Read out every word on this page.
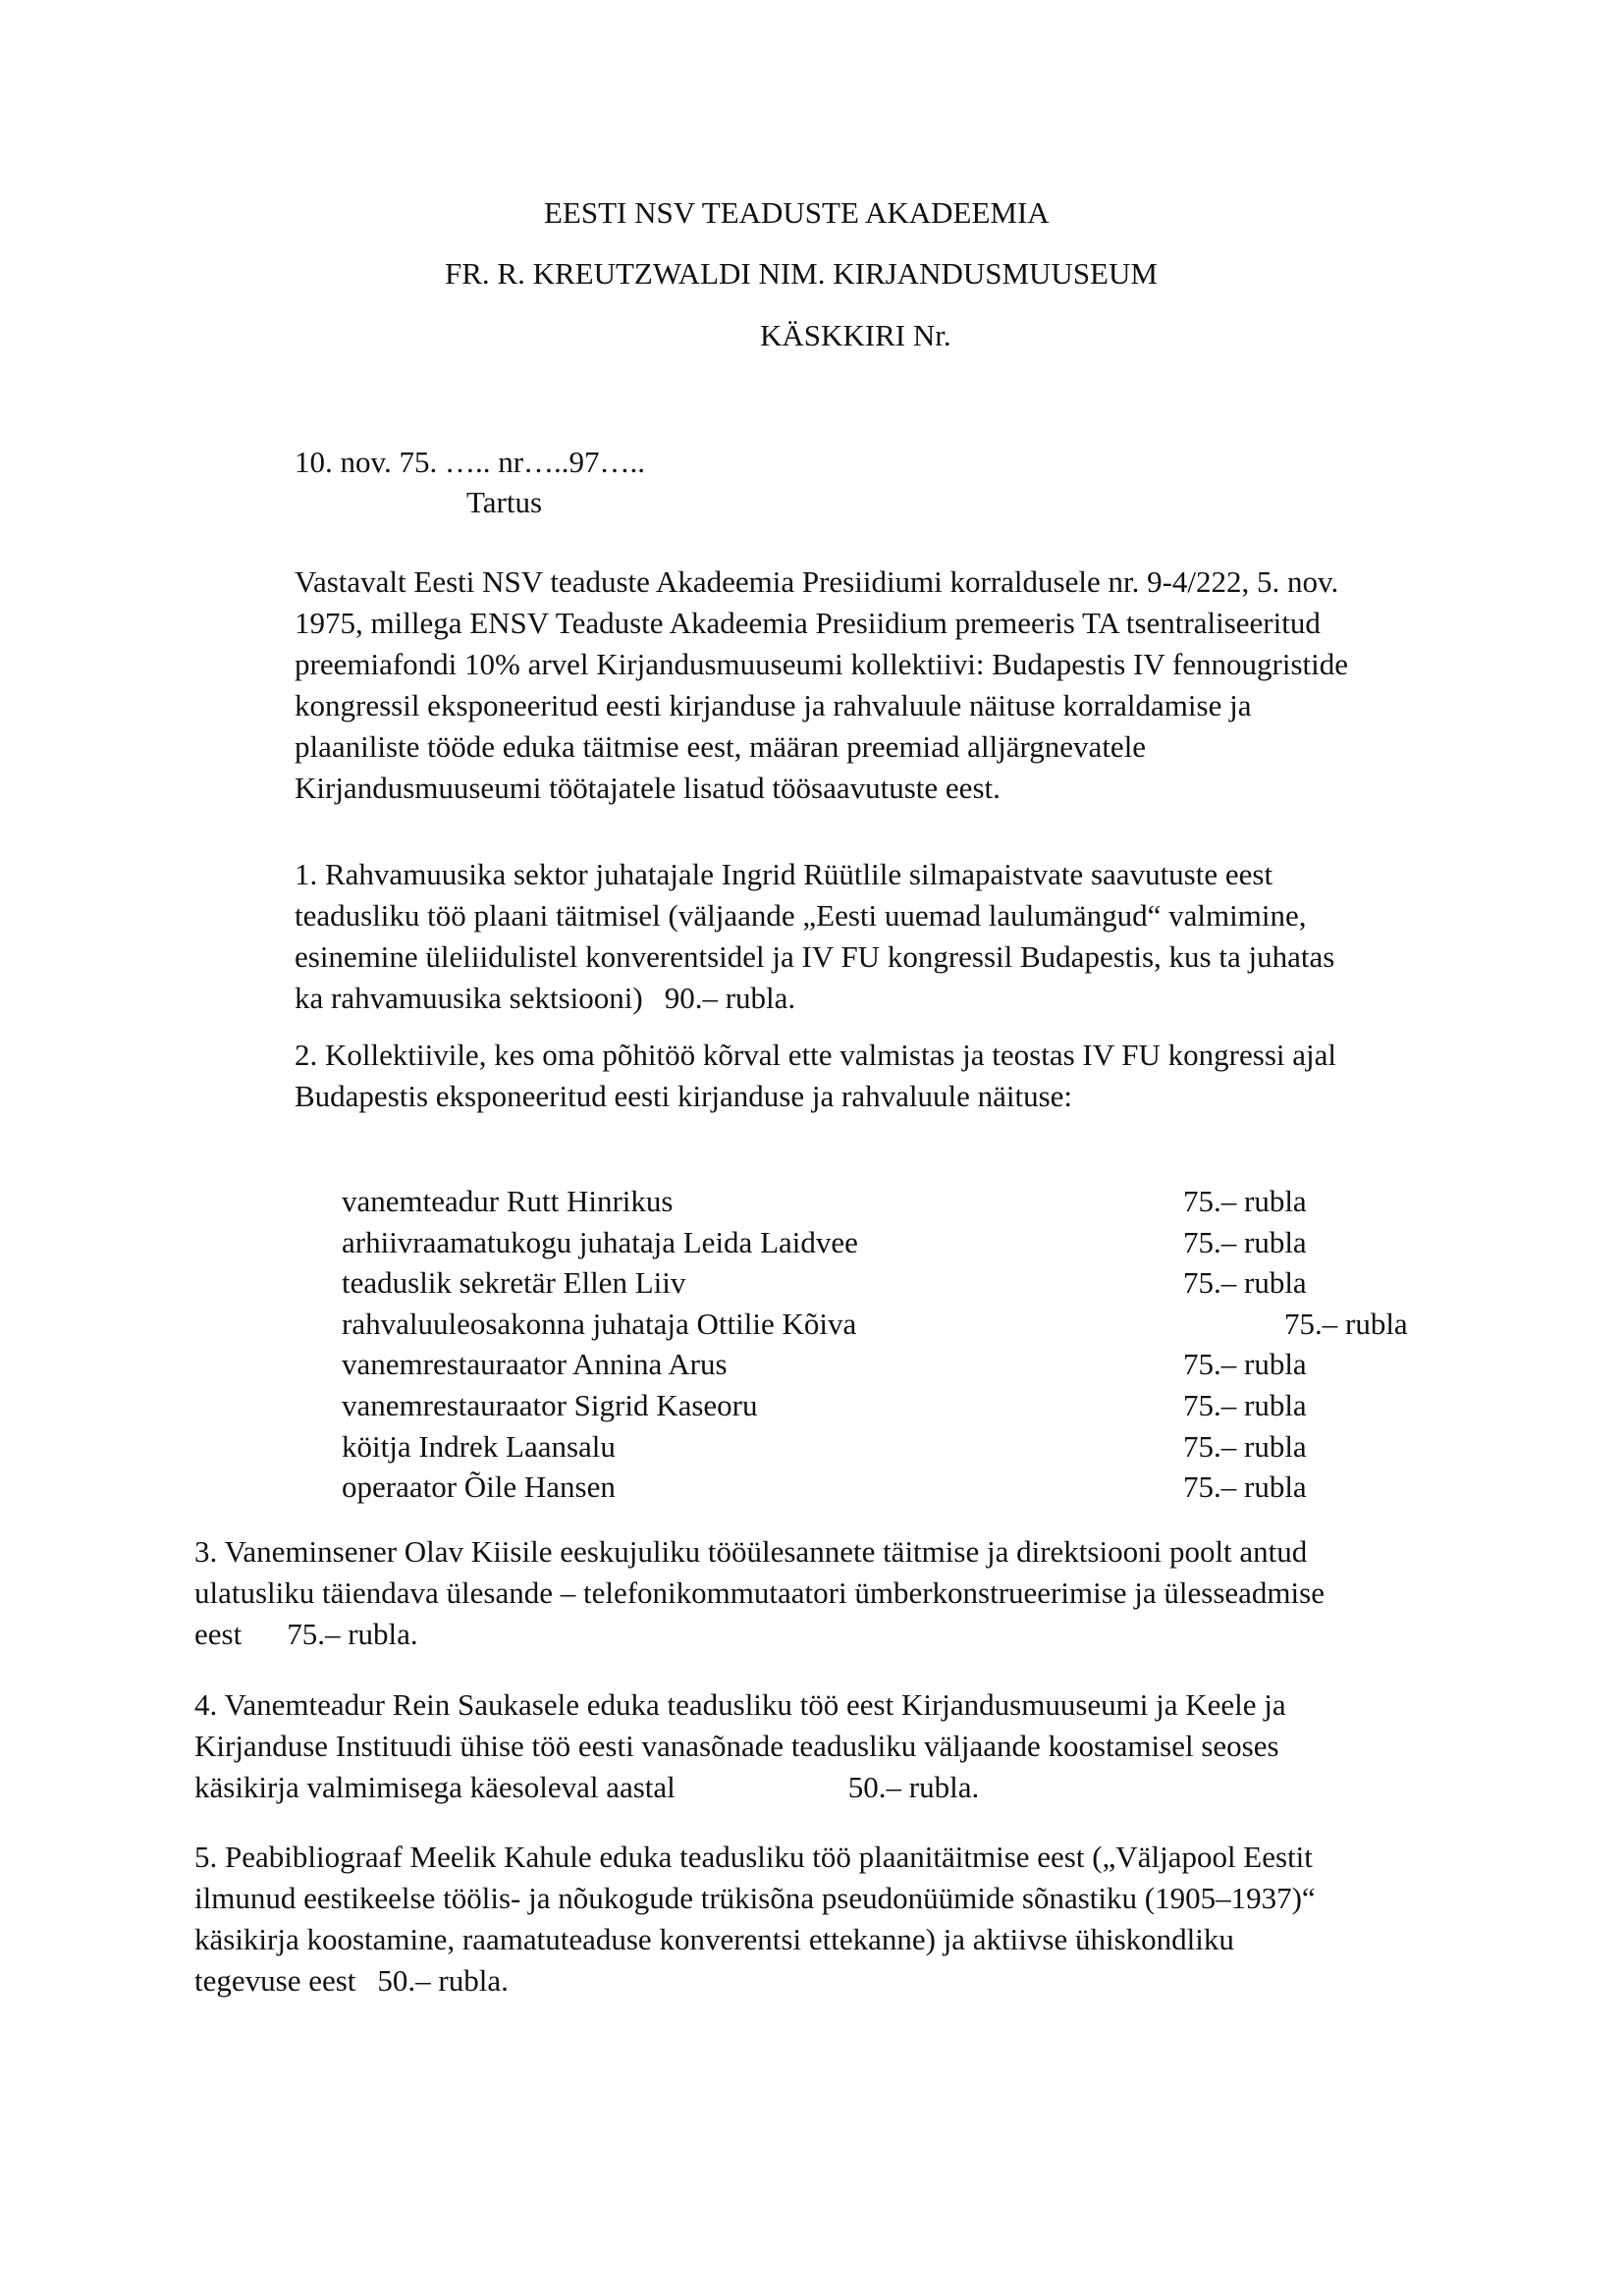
EESTI NSV TEADUSTE AKADEEMIA
FR. R. KREUTZWALDI NIM. KIRJANDUSMUUSEUM
KÄSKKIRI Nr.
10. nov. 75. ….. nr…..97…..
Tartus
Vastavalt Eesti NSV teaduste Akadeemia Presiidiumi korraldusele nr. 9-4/222, 5. nov.
1975, millega ENSV Teaduste Akadeemia Presiidium premeeris TA tsentraliseeritud
preemiafondi 10% arvel Kirjandusmuuseumi kollektiivi: Budapestis IV fennougristide
kongressil eksponeeritud eesti kirjanduse ja rahvaluule näituse korraldamise ja
plaaniliste tööde eduka täitmise eest, määran preemiad alljärgnevatele
Kirjandusmuuseumi töötajatele lisatud töösaavutuste eest.
1. Rahvamuusika sektor juhatajale Ingrid Rüütlile silmapaistvate saavutuste eest
teadusliku töö plaani täitmisel (väljaande „Eesti uuemad laulumängud“ valmimine,
esinemine üleliidulistel konverentsidel ja IV FU kongressil Budapestis, kus ta juhatas
ka rahvamuusika sektsiooni) 90.– rubla.
2. Kollektiivile, kes oma põhitöö kõrval ette valmistas ja teostas IV FU kongressi ajal
Budapestis eksponeeritud eesti kirjanduse ja rahvaluule näituse:
vanemteadur Rutt Hinrikus	75.– rubla
arhiivraamatukogu juhataja Leida Laidvee	75.– rubla
teaduslik sekretär Ellen Liiv	75.– rubla
rahvaluuleosakonna juhataja Ottilie Kõiva	75.– rubla
vanemrestauraator Annina Arus	75.– rubla
vanemrestauraator Sigrid Kaseoru	75.– rubla
köitja Indrek Laansalu	75.– rubla
operaator Õile Hansen	75.– rubla
3. Vaneminsener Olav Kiisile eeskujuliku tööülesannete täitmise ja direktsiooni poolt antud
ulatusliku täiendava ülesande – telefonikommutaatori ümberkonstrueerimise ja ülesseadmise
eest 75.– rubla.
4. Vanemteadur Rein Saukasele eduka teadusliku töö eest Kirjandusmuuseumi ja Keele ja
Kirjanduse Instituudi ühise töö eesti vanasõnade teadusliku väljaande koostamisel seoses
käsikirja valmimisega käesoleval aastal	50.– rubla.
5. Peabibliograaf Meelik Kahule eduka teadusliku töö plaanitäitmise eest („Väljapool Eestit
ilmunud eestikeelse töölis- ja nõukogude trükisõna pseudonüümide sõnastiku (1905–1937)“
käsikirja koostamine, raamatuteaduse konverentsi ettekanne) ja aktiivse ühiskondliku
tegevuse eest 50.– rubla.
